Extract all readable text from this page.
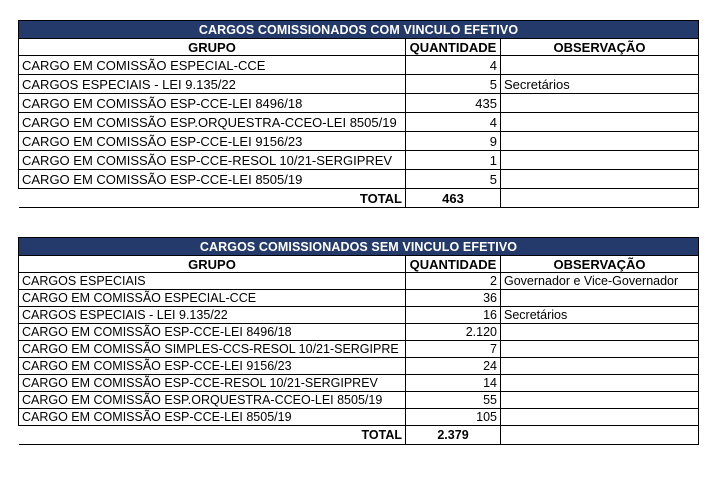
CARGOS COMISSIONADOS COM VINCULO EFETIVO		
GRUPO	QUANTIDADE	OBSERVAÇÃO
CARGO EM COMISSÃO ESPECIAL-CCE	4	
CARGOS ESPECIAIS - LEI 9.135/22	5	Secretários
CARGO EM COMISSÃO ESP-CCE-LEI 8496/18	435	
CARGO EM COMISSÃO ESP.ORQUESTRA-CCEO-LEI 8505/19	4	
CARGO EM COMISSÃO ESP-CCE-LEI 9156/23	9	
CARGO EM COMISSÃO ESP-CCE-RESOL 10/21-SERGIPREV	1	
CARGO EM COMISSÃO ESP-CCE-LEI 8505/19	5	
TOTAL	463	
CARGOS COMISSIONADOS SEM VINCULO EFETIVO		
GRUPO	QUANTIDADE	OBSERVAÇÃO
CARGOS ESPECIAIS	2	Governador e Vice-Governador
CARGO EM COMISSÃO ESPECIAL-CCE	36	
CARGOS ESPECIAIS - LEI 9.135/22	16	Secretários
CARGO EM COMISSÃO ESP-CCE-LEI 8496/18	2.120	
CARGO EM COMISSÃO SIMPLES-CCS-RESOL 10/21-SERGIPRE	7	
CARGO EM COMISSÃO ESP-CCE-LEI 9156/23	24	
CARGO EM COMISSÃO ESP-CCE-RESOL 10/21-SERGIPREV	14	
CARGO EM COMISSÃO ESP.ORQUESTRA-CCEO-LEI 8505/19	55	
CARGO EM COMISSÃO ESP-CCE-LEI 8505/19	105	
TOTAL	2.379	
